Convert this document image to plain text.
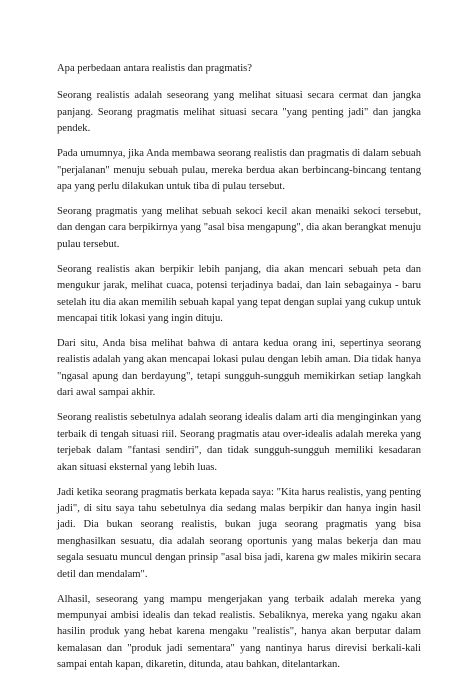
Apa perbedaan antara realistis dan pragmatis?

Seorang realistis adalah seseorang yang melihat situasi secara cermat dan jangka panjang. Seorang pragmatis melihat situasi secara "yang penting jadi" dan jangka pendek.

Pada umumnya, jika Anda membawa seorang realistis dan pragmatis di dalam sebuah "perjalanan" menuju sebuah pulau, mereka berdua akan berbincang-bincang tentang apa yang perlu dilakukan untuk tiba di pulau tersebut.

Seorang pragmatis yang melihat sebuah sekoci kecil akan menaiki sekoci tersebut, dan dengan cara berpikirnya yang "asal bisa mengapung", dia akan berangkat menuju pulau tersebut.

Seorang realistis akan berpikir lebih panjang, dia akan mencari sebuah peta dan mengukur jarak, melihat cuaca, potensi terjadinya badai, dan lain sebagainya - baru setelah itu dia akan memilih sebuah kapal yang tepat dengan suplai yang cukup untuk mencapai titik lokasi yang ingin dituju.

Dari situ, Anda bisa melihat bahwa di antara kedua orang ini, sepertinya seorang realistis adalah yang akan mencapai lokasi pulau dengan lebih aman. Dia tidak hanya "ngasal apung dan berdayung", tetapi sungguh-sungguh memikirkan setiap langkah dari awal sampai akhir.

Seorang realistis sebetulnya adalah seorang idealis dalam arti dia menginginkan yang terbaik di tengah situasi riil. Seorang pragmatis atau over-idealis adalah mereka yang terjebak dalam "fantasi sendiri", dan tidak sungguh-sungguh memiliki kesadaran akan situasi eksternal yang lebih luas.

Jadi ketika seorang pragmatis berkata kepada saya: "Kita harus realistis, yang penting jadi", di situ saya tahu sebetulnya dia sedang malas berpikir dan hanya ingin hasil jadi. Dia bukan seorang realistis, bukan juga seorang pragmatis yang bisa menghasilkan sesuatu, dia adalah seorang oportunis yang malas bekerja dan mau segala sesuatu muncul dengan prinsip "asal bisa jadi, karena gw males mikirin secara detil dan mendalam".

Alhasil, seseorang yang mampu mengerjakan yang terbaik adalah mereka yang mempunyai ambisi idealis dan tekad realistis. Sebaliknya, mereka yang ngaku akan hasilin produk yang hebat karena mengaku "realistis", hanya akan berputar dalam kemalasan dan "produk jadi sementara" yang nantinya harus direvisi berkali-kali sampai entah kapan, dikaretin, ditunda, atau bahkan, ditelantarkan.
